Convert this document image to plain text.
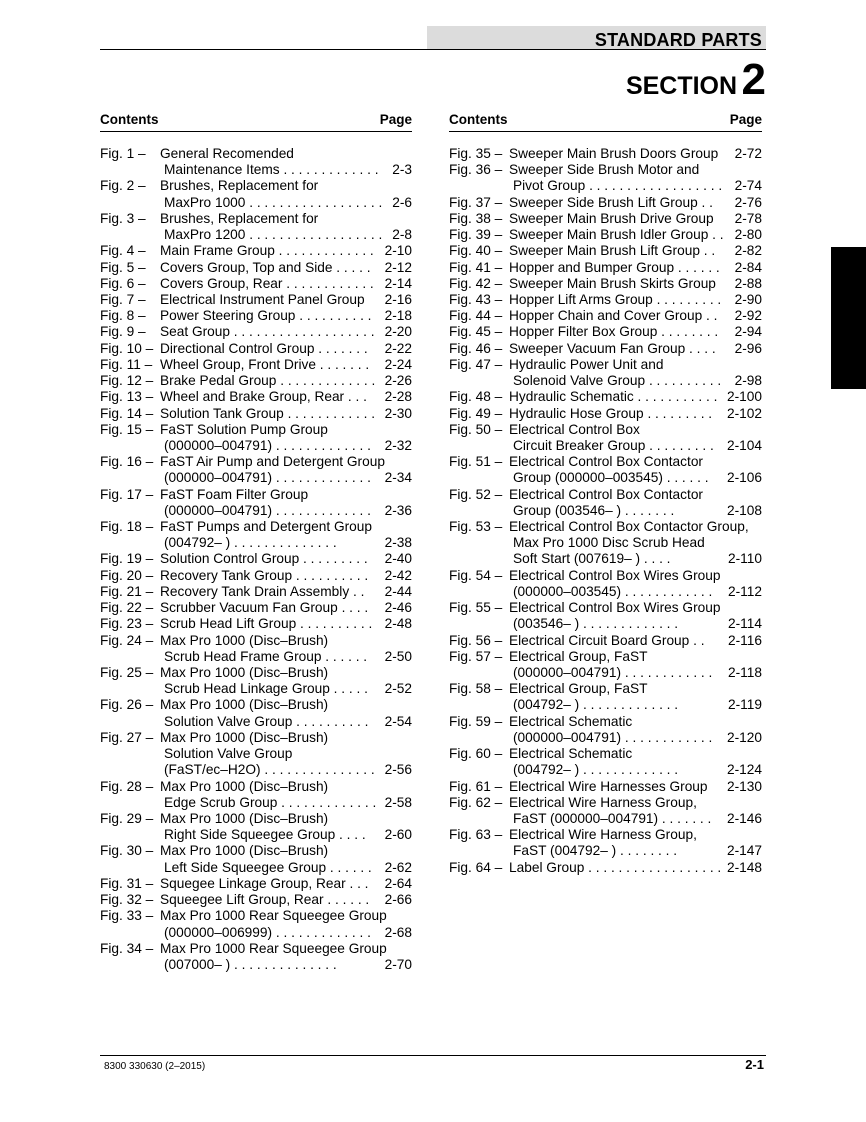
STANDARD PARTS
SECTION 2
Contents	Page
Fig. 1 – General Recomended
Maintenance Items . . . . . . . . . . . . . 2-3
Fig. 2 – Brushes, Replacement for
MaxPro 1000 . . . . . . . . . . . . . . . . . . 2-6
Fig. 3 – Brushes, Replacement for
MaxPro 1200 . . . . . . . . . . . . . . . . . . 2-8
Fig. 4 – Main Frame Group . . . . . . . . . . . . . 2-10
Fig. 5 – Covers Group, Top and Side . . . . . 2-12
Fig. 6 – Covers Group, Rear . . . . . . . . . . . . 2-14
Fig. 7 – Electrical Instrument Panel Group 2-16
Fig. 8 – Power Steering Group . . . . . . . . . . 2-18
Fig. 9 – Seat Group . . . . . . . . . . . . . . . . . . . 2-20
Fig. 10 – Directional Control Group . . . . . . . 2-22
Fig. 11 – Wheel Group, Front Drive . . . . . . . 2-24
Fig. 12 – Brake Pedal Group . . . . . . . . . . . . . 2-26
Fig. 13 – Wheel and Brake Group, Rear . . . 2-28
Fig. 14 – Solution Tank Group . . . . . . . . . . . . 2-30
Fig. 15 – FaST Solution Pump Group
(000000–004791) . . . . . . . . . . . . . 2-32
Fig. 16 – FaST Air Pump and Detergent Group
(000000–004791) . . . . . . . . . . . . . 2-34
Fig. 17 – FaST Foam Filter Group
(000000–004791) . . . . . . . . . . . . . 2-36
Fig. 18 – FaST Pumps and Detergent Group
(004792– ) . . . . . . . . . . . . . .	2-38
Fig. 19 – Solution Control Group . . . . . . . . . 2-40
Fig. 20 – Recovery Tank Group . . . . . . . . . . 2-42
Fig. 21 – Recovery Tank Drain Assembly . . 2-44
Fig. 22 – Scrubber Vacuum Fan Group . . . . 2-46
Fig. 23 – Scrub Head Lift Group . . . . . . . . . . 2-48
Fig. 24 – Max Pro 1000 (Disc–Brush)
Scrub Head Frame Group . . . . . . 2-50
Fig. 25 – Max Pro 1000 (Disc–Brush)
Scrub Head Linkage Group . . . . . 2-52
Fig. 26 – Max Pro 1000 (Disc–Brush)
Solution Valve Group . . . . . . . . . . 2-54
Fig. 27 – Max Pro 1000 (Disc–Brush)
Solution Valve Group
(FaST/ec–H2O) . . . . . . . . . . . . . . . 2-56
Fig. 28 – Max Pro 1000 (Disc–Brush)
Edge Scrub Group . . . . . . . . . . . . . 2-58
Fig. 29 – Max Pro 1000 (Disc–Brush)
Right Side Squeegee Group . . . . 2-60
Fig. 30 – Max Pro 1000 (Disc–Brush)
Left Side Squeegee Group . . . . . . 2-62
Fig. 31 – Squegee Linkage Group, Rear . . . 2-64
Fig. 32 – Squeegee Lift Group, Rear . . . . . . 2-66
Fig. 33 – Max Pro 1000 Rear Squeegee Group
(000000–006999) . . . . . . . . . . . . . 2-68
Fig. 34 – Max Pro 1000 Rear Squeegee Group
(007000– ) . . . . . . . . . . . . . .	2-70
Contents	Page
Fig. 35 – Sweeper Main Brush Doors Group 2-72
Fig. 36 – Sweeper Side Brush Motor and
Pivot Group . . . . . . . . . . . . . . . . . . 2-74
Fig. 37 – Sweeper Side Brush Lift Group . . 2-76
Fig. 38 – Sweeper Main Brush Drive Group 2-78
Fig. 39 – Sweeper Main Brush Idler Group . . 2-80
Fig. 40 – Sweeper Main Brush Lift Group . . 2-82
Fig. 41 – Hopper and Bumper Group . . . . . . 2-84
Fig. 42 – Sweeper Main Brush Skirts Group 2-88
Fig. 43 – Hopper Lift Arms Group . . . . . . . . . 2-90
Fig. 44 – Hopper Chain and Cover Group . . 2-92
Fig. 45 – Hopper Filter Box Group . . . . . . . . 2-94
Fig. 46 – Sweeper Vacuum Fan Group . . . . 2-96
Fig. 47 – Hydraulic Power Unit and
Solenoid Valve Group . . . . . . . . . . 2-98
Fig. 48 – Hydraulic Schematic . . . . . . . . . . . 2-100
Fig. 49 – Hydraulic Hose Group . . . . . . . . . 2-102
Fig. 50 – Electrical Control Box
Circuit Breaker Group . . . . . . . . . 2-104
Fig. 51 – Electrical Control Box Contactor
Group (000000–003545) . . . . . . 2-106
Fig. 52 – Electrical Control Box Contactor
Group (003546– ) . . . . . . .	2-108
Fig. 53 – Electrical Control Box Contactor Group,
Max Pro 1000 Disc Scrub Head
Soft Start (007619– ) . . . .	2-110
Fig. 54 – Electrical Control Box Wires Group
(000000–003545) . . . . . . . . . . . . 2-112
Fig. 55 – Electrical Control Box Wires Group
(003546– ) . . . . . . . . . . . . .	2-114
Fig. 56 – Electrical Circuit Board Group . . 2-116
Fig. 57 – Electrical Group, FaST
(000000–004791) . . . . . . . . . . . . 2-118
Fig. 58 – Electrical Group, FaST
(004792– ) . . . . . . . . . . . . .	2-119
Fig. 59 – Electrical Schematic
(000000–004791) . . . . . . . . . . . . 2-120
Fig. 60 – Electrical Schematic
(004792– ) . . . . . . . . . . . . .	2-124
Fig. 61 – Electrical Wire Harnesses Group 2-130
Fig. 62 – Electrical Wire Harness Group,
FaST (000000–004791) . . . . . . . 2-146
Fig. 63 – Electrical Wire Harness Group,
FaST (004792– ) . . . . . . . .	2-147
Fig. 64 – Label Group . . . . . . . . . . . . . . . . . . 2-148
8300 330630 (2–2015)	2-1
